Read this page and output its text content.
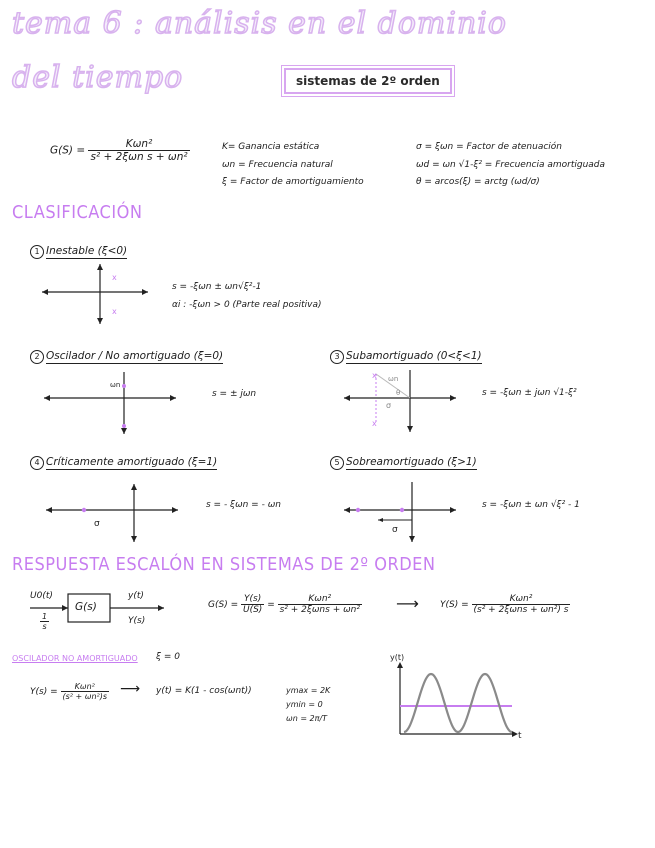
tema 6 : análisis en el dominio
del tiempo	sistemas de 2º orden
$G(S) = \frac{\text{Kωn²}}{\text{s² + 2ξωn s + ωn²}}$	K= Ganancia estática
ωn = Frecuencia natural
ξ = Factor de amortiguamiento
σ = ξωn = Factor de atenuación
ωd = ωn √1-ξ² = Frecuencia amortiguada
θ = arcos(ξ) = arctg (ωd/σ)
CLASIFICACIÓN
1 Inestable (ξ<0)
x
x
s = -ξωn ± ωn√ξ²-1
αi : -ξωn > 0 (Parte real positiva)
2 Oscilador / No amortiguado (ξ=0)
ωn
s = ± jωn
3 Subamortiguado (0<ξ<1)
x
x
ωn
θ
σ
s = -ξωn ± jωn √1-ξ²
4 Críticamente amortiguado (ξ=1)
σ
s = - ξωn = - ωn
5 Sobreamortiguado (ξ>1)
σ
s = -ξωn ± ωn √ξ² - 1
RESPUESTA ESCALÓN EN SISTEMAS DE 2º ORDEN
U0(t)
$\frac{1}{s}$
G(s)
y(t)
Y(s)
$G(S) = \frac{Y(s)}{U(S)} = \frac{\text{Kωn²}}{\text{s² + 2ξωns + ωn²}}$ ⟶ $Y(S) = \frac{\text{Kωn²}}{\text{(s² + 2ξωns + ωn²) s}}$
OSCILADOR NO AMORTIGUADO ξ = 0
$Y(s) = \frac{\text{Kωn²}}{\text{(s² + ωn²)s}}$ ⟶ y(t) = K(1 - cos(ωnt))	ymax = 2K
ymin = 0
ωn = 2π/T
y(t)
t
